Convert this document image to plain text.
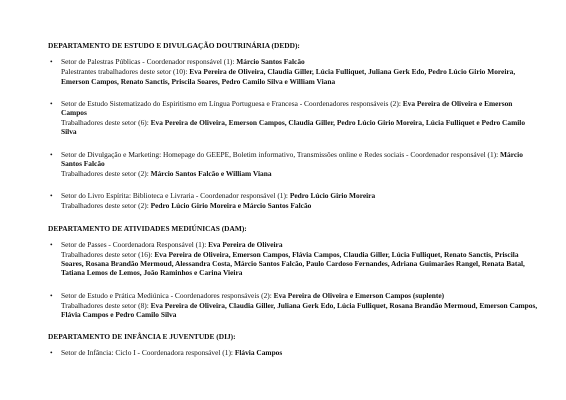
DEPARTAMENTO DE ESTUDO E DIVULGAÇÃO DOUTRINÁRIA (DEDD):
• Setor de Palestras Públicas - Coordenador responsável (1): Márcio Santos Falcão
Palestrantes trabalhadores deste setor (10): Eva Pereira de Oliveira, Claudia Giller, Lúcia Fulliquet, Juliana Gerk Edo, Pedro Lúcio Girio Moreira, Emerson Campos, Renato Sanctis, Priscila Soares, Pedro Camilo Silva e William Viana
• Setor de Estudo Sistematizado do Espiritismo em Língua Portuguesa e Francesa - Coordenadores responsáveis (2): Eva Pereira de Oliveira e Emerson Campos
Trabalhadores deste setor (6): Eva Pereira de Oliveira, Emerson Campos, Claudia Giller, Pedro Lúcio Girio Moreira, Lúcia Fulliquet e Pedro Camilo Silva
• Setor de Divulgação e Marketing: Homepage do GEEPE, Boletim informativo, Transmissões online e Redes sociais - Coordenador responsável (1): Márcio Santos Falcão
Trabalhadores deste setor (2): Márcio Santos Falcão e William Viana
• Setor do Livro Espírita: Biblioteca e Livraria - Coordenador responsável (1): Pedro Lúcio Girio Moreira
Trabalhadores deste setor (2): Pedro Lúcio Girio Moreira e Márcio Santos Falcão
DEPARTAMENTO DE ATIVIDADES MEDIÚNICAS (DAM):
• Setor de Passes - Coordenadora Responsável (1): Eva Pereira de Oliveira
Trabalhadores deste setor (16): Eva Pereira de Oliveira, Emerson Campos, Flávia Campos, Claudia Giller, Lúcia Fulliquet, Renato Sanctis, Priscila Soares, Rosana Brandão Mermoud, Alessandra Costa, Márcio Santos Falcão, Paulo Cardoso Fernandes, Adriana Guimarães Rangel, Renata Batal, Tatiana Lemos de Lemos, João Raminhos e Carina Vieira
• Setor de Estudo e Prática Mediúnica - Coordenadores responsáveis (2): Eva Pereira de Oliveira e Emerson Campos (suplente)
Trabalhadores deste setor (8): Eva Pereira de Oliveira, Claudia Giller, Juliana Gerk Edo, Lúcia Fulliquet, Rosana Brandão Mermoud, Emerson Campos, Flávia Campos e Pedro Camilo Silva
DEPARTAMENTO DE INFÂNCIA E JUVENTUDE (DIJ):
• Setor de Infância: Ciclo I - Coordenadora responsável (1): Flávia Campos
